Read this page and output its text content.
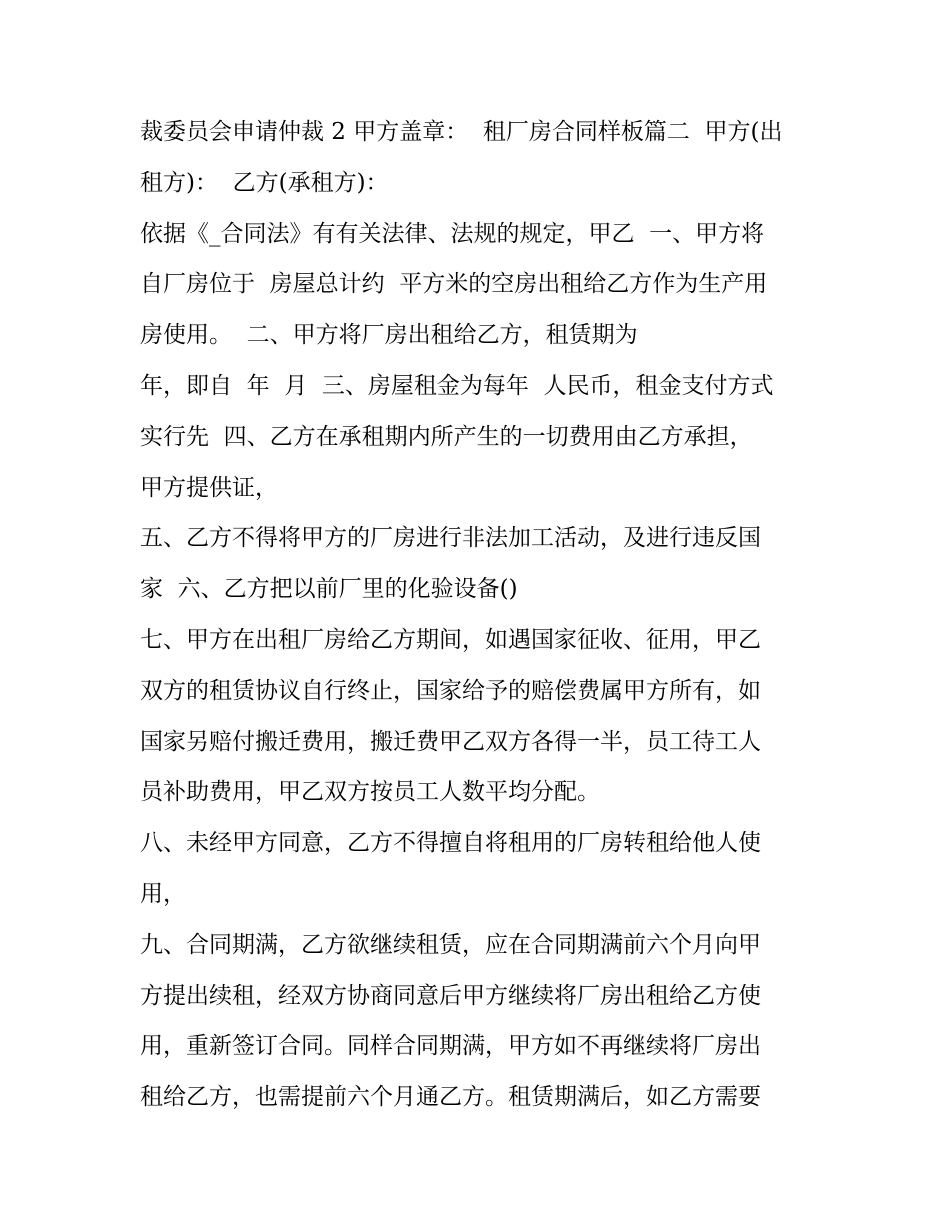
裁委员会申请仲裁 2 甲方盖章：  租厂房合同样板篇二  甲方(出
租方)：  乙方(承租方)：
依据《_合同法》有有关法律、法规的规定，甲乙  一、甲方将
自厂房位于  房屋总计约  平方米的空房出租给乙方作为生产用
房使用。  二、甲方将厂房出租给乙方，租赁期为
年，即自  年  月  三、房屋租金为每年  人民币，租金支付方式
实行先  四、乙方在承租期内所产生的一切费用由乙方承担，
甲方提供证，
五、乙方不得将甲方的厂房进行非法加工活动，及进行违反国
家  六、乙方把以前厂里的化验设备()
七、甲方在出租厂房给乙方期间，如遇国家征收、征用，甲乙
双方的租赁协议自行终止，国家给予的赔偿费属甲方所有，如
国家另赔付搬迁费用，搬迁费甲乙双方各得一半，员工待工人
员补助费用，甲乙双方按员工人数平均分配。
八、未经甲方同意，乙方不得擅自将租用的厂房转租给他人使
用，
九、合同期满，乙方欲继续租赁，应在合同期满前六个月向甲
方提出续租，经双方协商同意后甲方继续将厂房出租给乙方使
用，重新签订合同。同样合同期满，甲方如不再继续将厂房出
租给乙方，也需提前六个月通乙方。租赁期满后，如乙方需要
